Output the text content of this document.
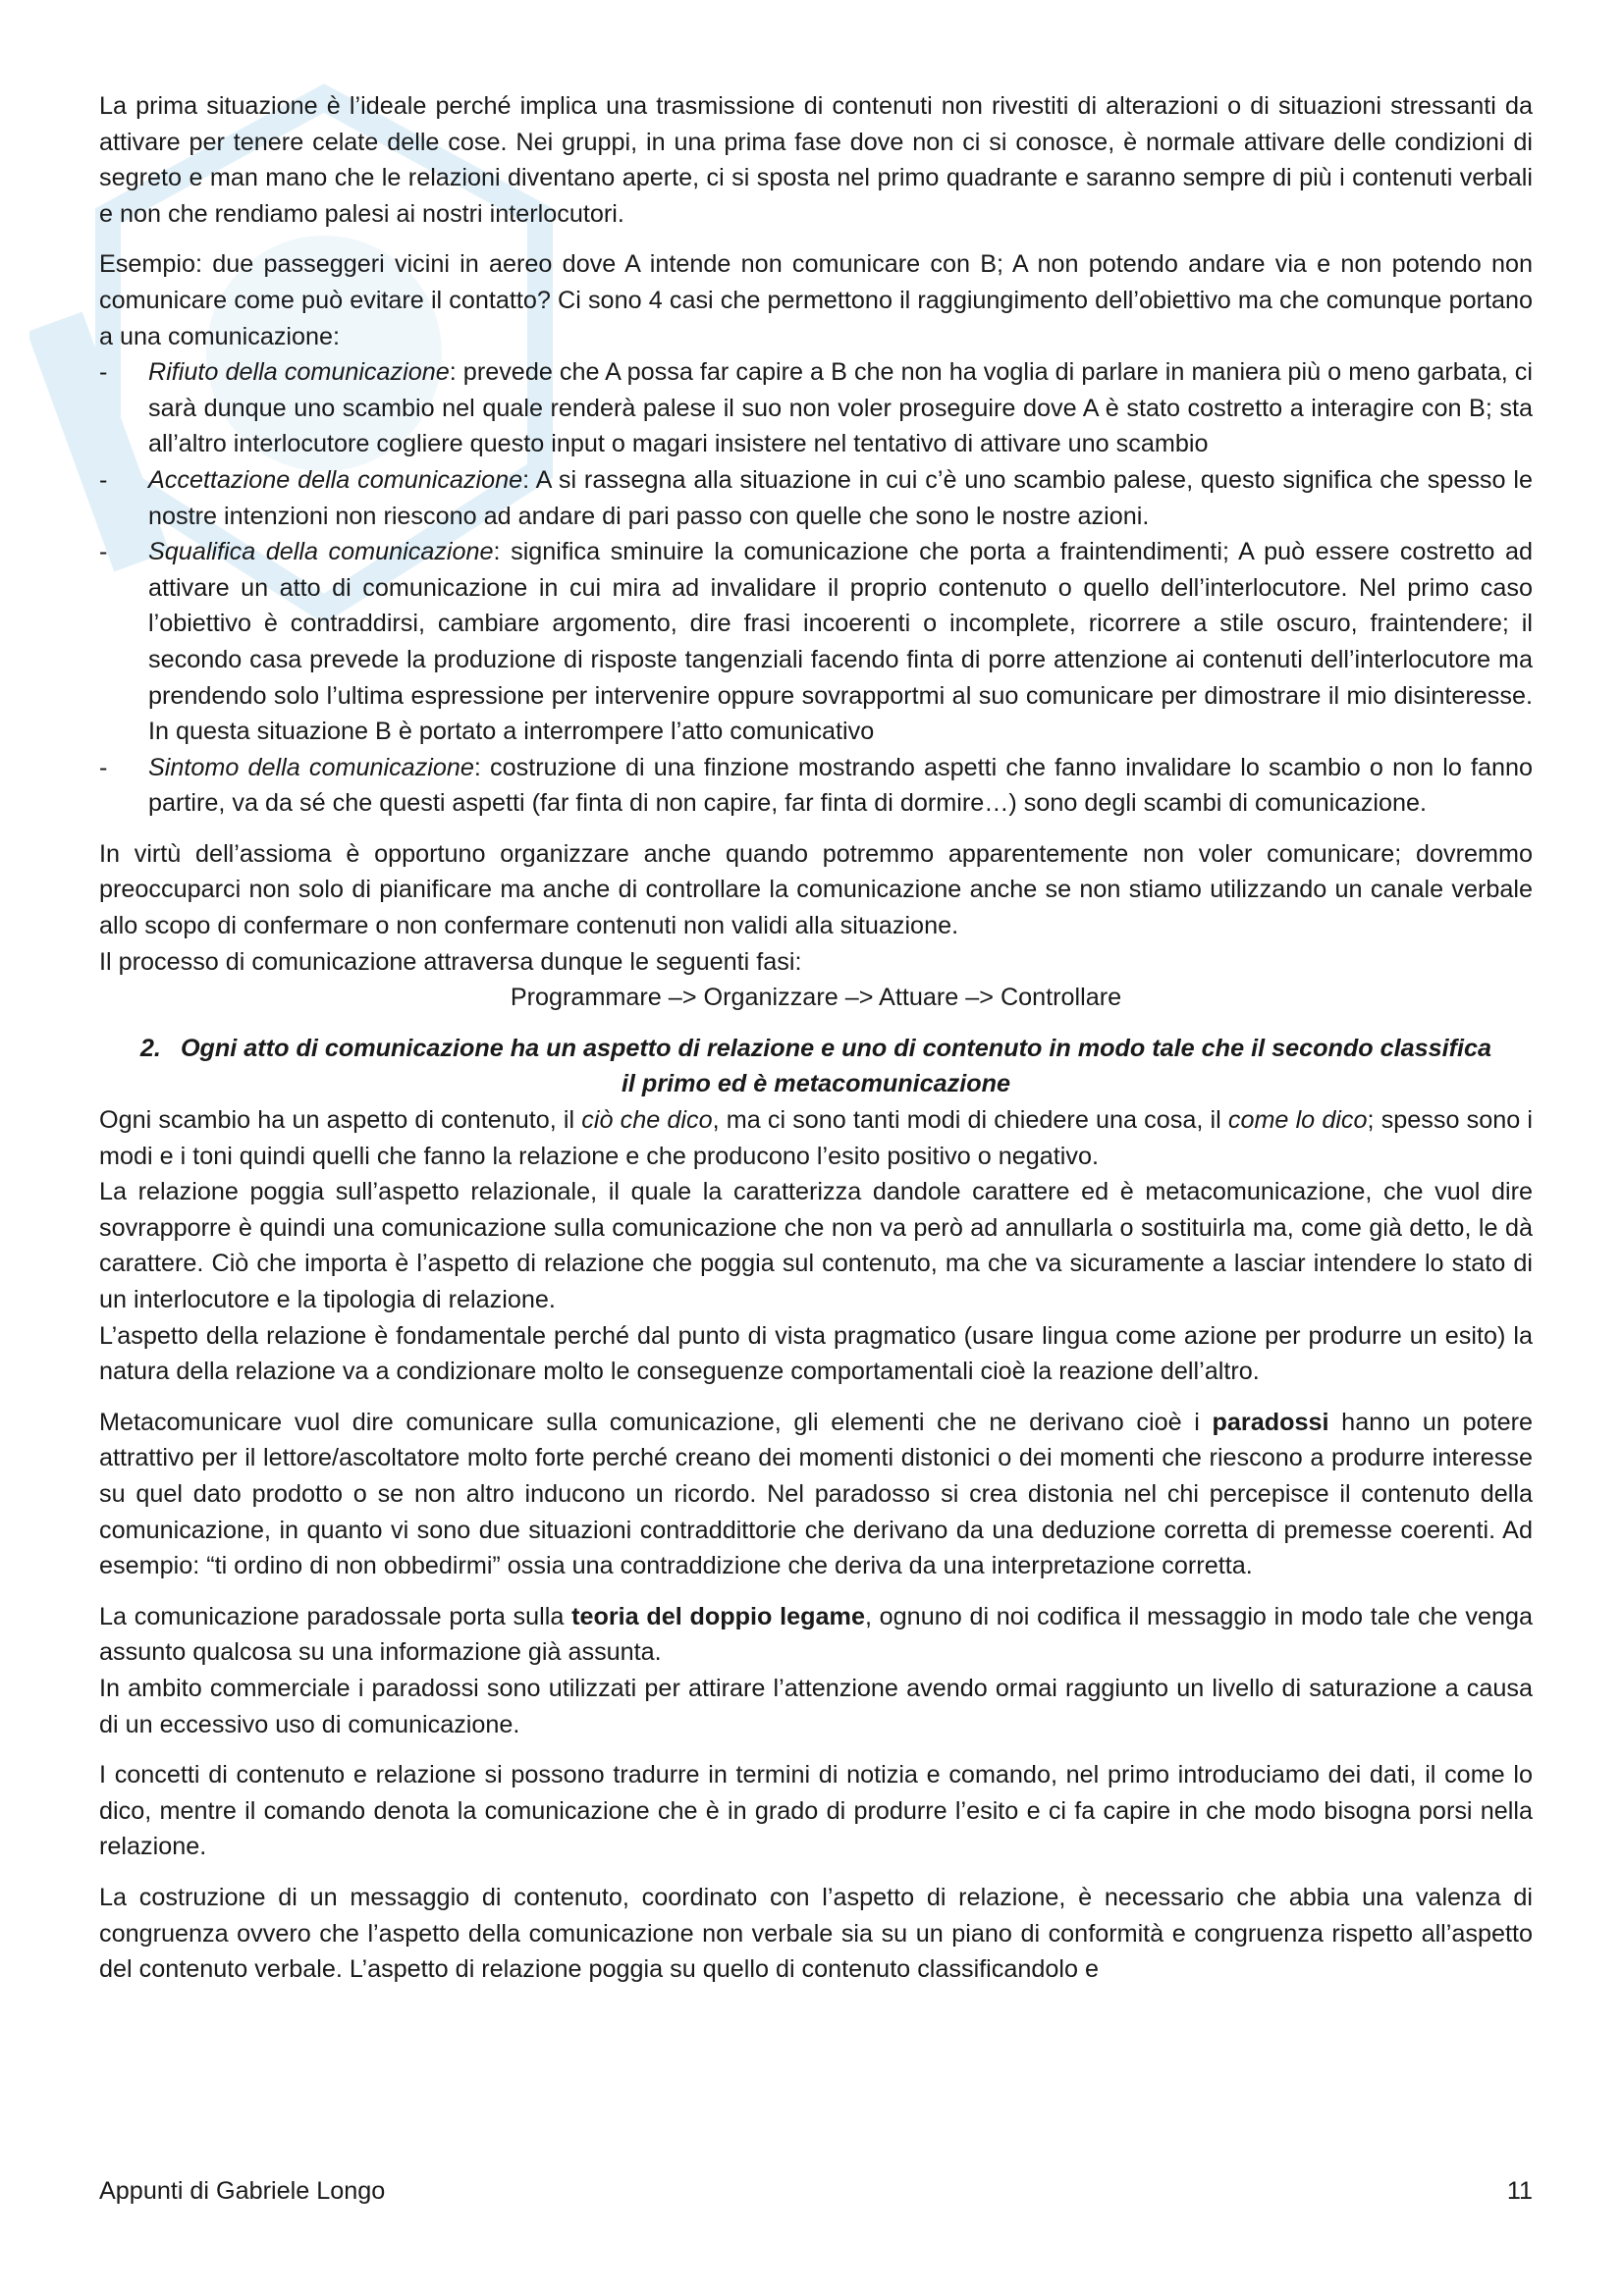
La prima situazione è l’ideale perché implica una trasmissione di contenuti non rivestiti di alterazioni o di situazioni stressanti da attivare per tenere celate delle cose. Nei gruppi, in una prima fase dove non ci si conosce, è normale attivare delle condizioni di segreto e man mano che le relazioni diventano aperte, ci si sposta nel primo quadrante e saranno sempre di più i contenuti verbali e non che rendiamo palesi ai nostri interlocutori.

Esempio: due passeggeri vicini in aereo dove A intende non comunicare con B; A non potendo andare via e non potendo non comunicare come può evitare il contatto? Ci sono 4 casi che permettono il raggiungimento dell’obiettivo ma che comunque portano a una comunicazione:

- Rifiuto della comunicazione: prevede che A possa far capire a B che non ha voglia di parlare in maniera più o meno garbata, ci sarà dunque uno scambio nel quale renderà palese il suo non voler proseguire dove A è stato costretto a interagire con B; sta all’altro interlocutore cogliere questo input o magari insistere nel tentativo di attivare uno scambio
- Accettazione della comunicazione: A si rassegna alla situazione in cui c’è uno scambio palese, questo significa che spesso le nostre intenzioni non riescono ad andare di pari passo con quelle che sono le nostre azioni.
- Squalifica della comunicazione: significa sminuire la comunicazione che porta a fraintendimenti; A può essere costretto ad attivare un atto di comunicazione in cui mira ad invalidare il proprio contenuto o quello dell’interlocutore. Nel primo caso l’obiettivo è contraddirsi, cambiare argomento, dire frasi incoerenti o incomplete, ricorrere a stile oscuro, fraintendere; il secondo casa prevede la produzione di risposte tangenziali facendo finta di porre attenzione ai contenuti dell’interlocutore ma prendendo solo l’ultima espressione per intervenire oppure sovrapportmi al suo comunicare per dimostrare il mio disinteresse. In questa situazione B è portato a interrompere l’atto comunicativo
- Sintomo della comunicazione: costruzione di una finzione mostrando aspetti che fanno invalidare lo scambio o non lo fanno partire, va da sé che questi aspetti (far finta di non capire, far finta di dormire…) sono degli scambi di comunicazione.

In virtù dell’assioma è opportuno organizzare anche quando potremmo apparentemente non voler comunicare; dovremmo preoccuparci non solo di pianificare ma anche di controllare la comunicazione anche se non stiamo utilizzando un canale verbale allo scopo di confermare o non confermare contenuti non validi alla situazione.

Il processo di comunicazione attraversa dunque le seguenti fasi:

Programmare –> Organizzare –> Attuare –> Controllare
2. Ogni atto di comunicazione ha un aspetto di relazione e uno di contenuto in modo tale che il secondo classifica il primo ed è metacomunicazione

Ogni scambio ha un aspetto di contenuto, il ciò che dico, ma ci sono tanti modi di chiedere una cosa, il come lo dico; spesso sono i modi e i toni quindi quelli che fanno la relazione e che producono l’esito positivo o negativo.

La relazione poggia sull’aspetto relazionale, il quale la caratterizza dandole carattere ed è metacomunicazione, che vuol dire sovrapporre è quindi una comunicazione sulla comunicazione che non va però ad annullarla o sostituirla ma, come già detto, le dà carattere. Ciò che importa è l’aspetto di relazione che poggia sul contenuto, ma che va sicuramente a lasciar intendere lo stato di un interlocutore e la tipologia di relazione.

L’aspetto della relazione è fondamentale perché dal punto di vista pragmatico (usare lingua come azione per produrre un esito) la natura della relazione va a condizionare molto le conseguenze comportamentali cioè la reazione dell’altro.

Metacomunicare vuol dire comunicare sulla comunicazione, gli elementi che ne derivano cioè i paradossi hanno un potere attrattivo per il lettore/ascoltatore molto forte perché creano dei momenti distonici o dei momenti che riescono a produrre interesse su quel dato prodotto o se non altro inducono un ricordo. Nel paradosso si crea distonia nel chi percepisce il contenuto della comunicazione, in quanto vi sono due situazioni contraddittorie che derivano da una deduzione corretta di premesse coerenti. Ad esempio: “ti ordino di non obbedirmi” ossia una contraddizione che deriva da una interpretazione corretta.

La comunicazione paradossale porta sulla teoria del doppio legame, ognuno di noi codifica il messaggio in modo tale che venga assunto qualcosa su una informazione già assunta.

In ambito commerciale i paradossi sono utilizzati per attirare l’attenzione avendo ormai raggiunto un livello di saturazione a causa di un eccessivo uso di comunicazione.

I concetti di contenuto e relazione si possono tradurre in termini di notizia e comando, nel primo introduciamo dei dati, il come lo dico, mentre il comando denota la comunicazione che è in grado di produrre l’esito e ci fa capire in che modo bisogna porsi nella relazione.

La costruzione di un messaggio di contenuto, coordinato con l’aspetto di relazione, è necessario che abbia una valenza di congruenza ovvero che l’aspetto della comunicazione non verbale sia su un piano di conformità e congruenza rispetto all’aspetto del contenuto verbale. L’aspetto di relazione poggia su quello di contenuto classificandolo e

Appunti di Gabriele Longo	11
